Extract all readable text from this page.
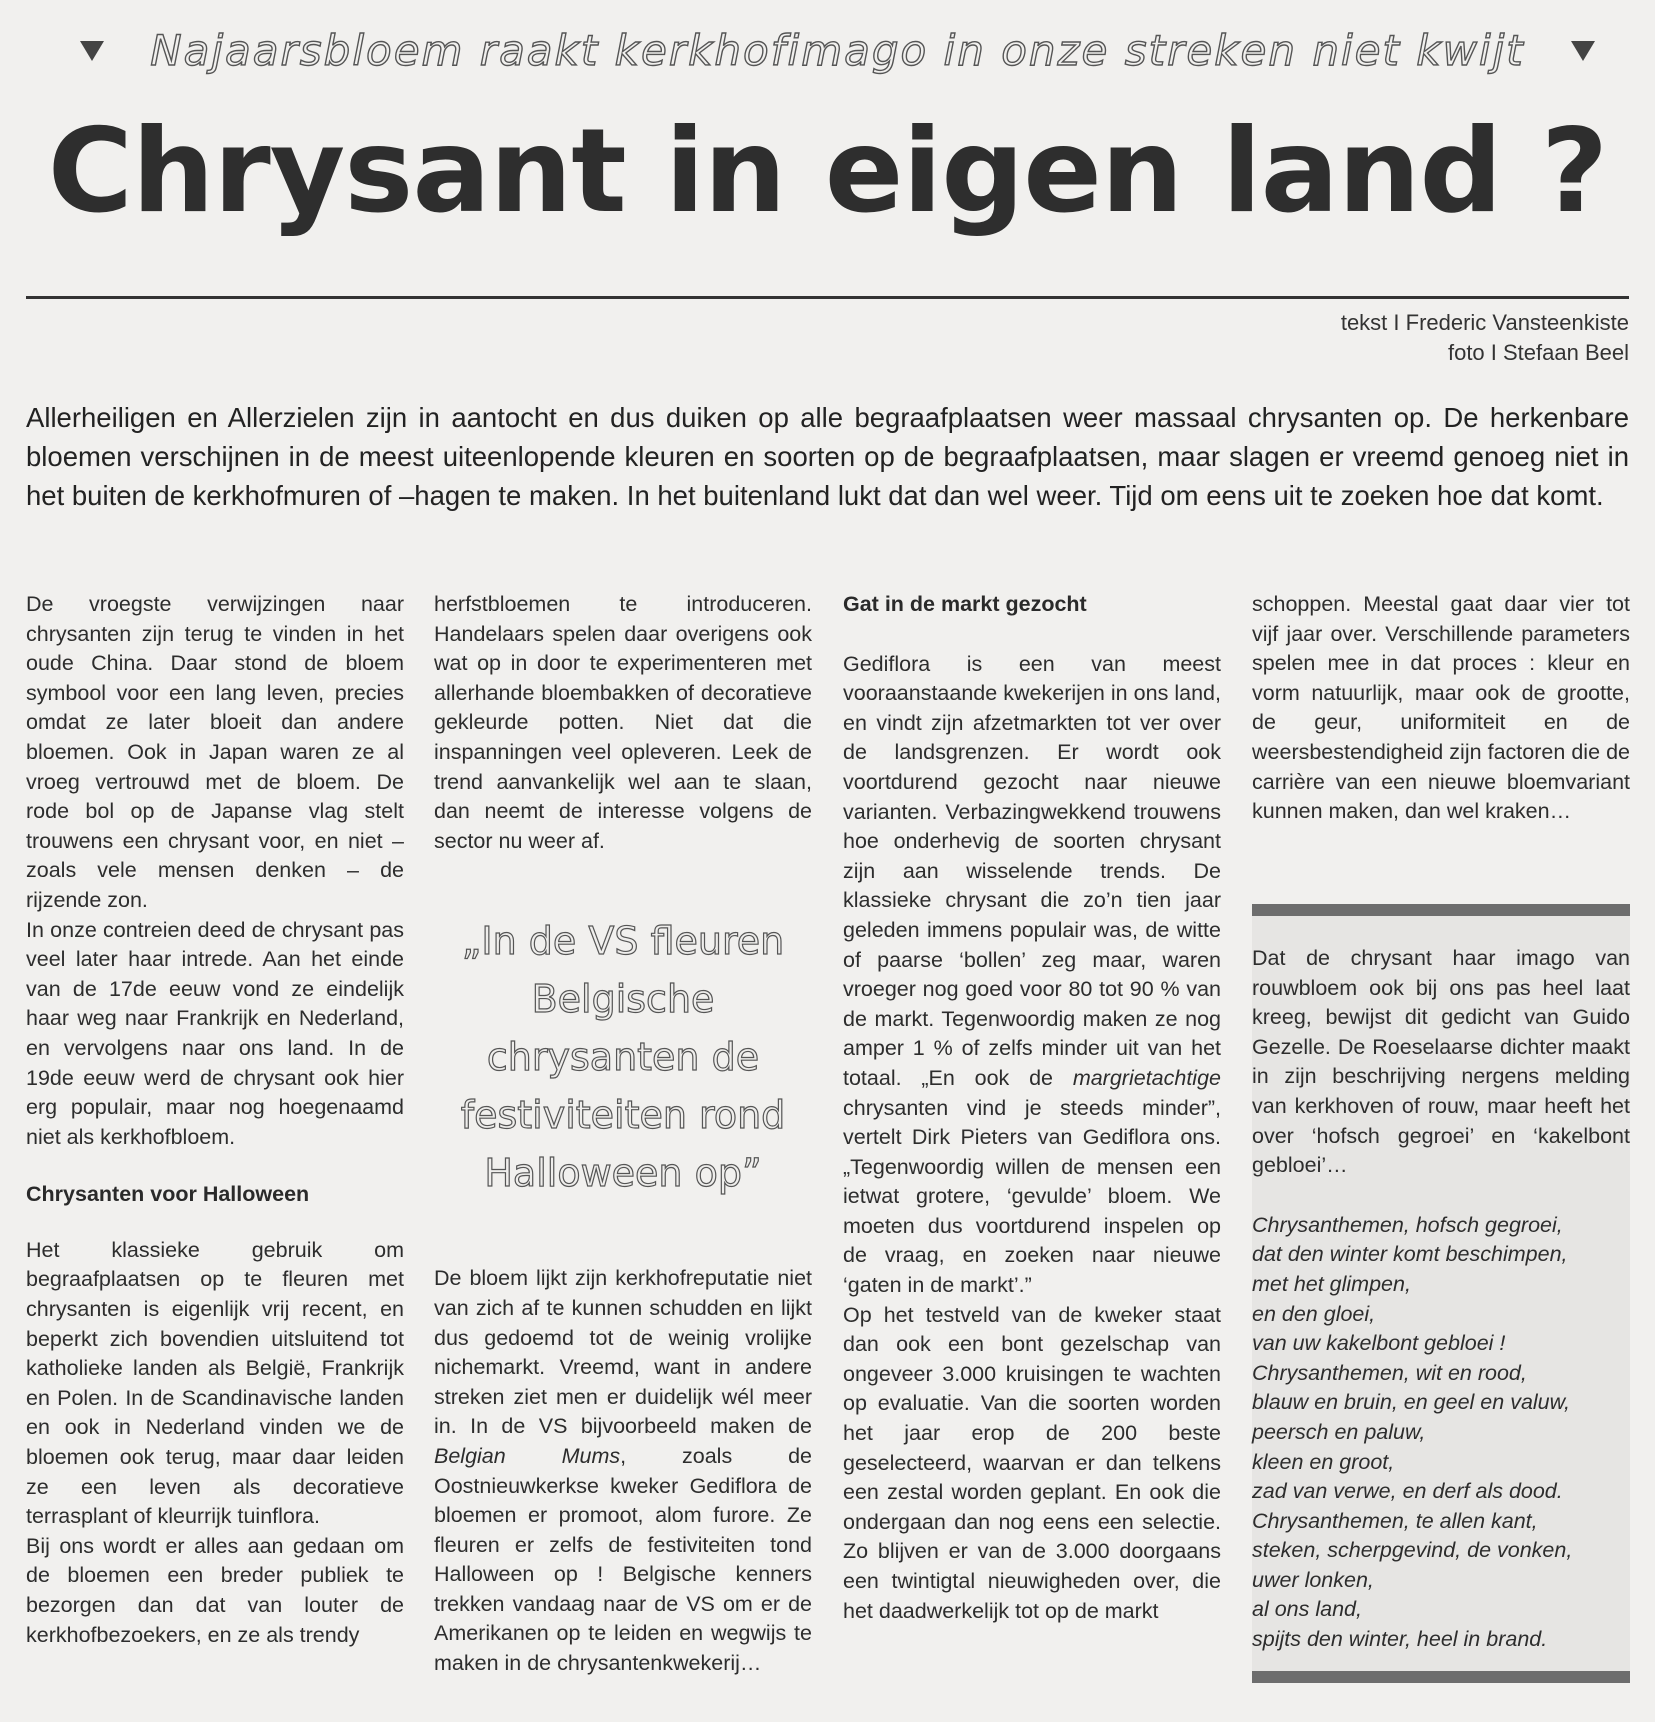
Najaarsbloem raakt kerkhofimago in onze streken niet kwijt
Chrysant in eigen land ?
tekst I Frederic Vansteenkiste
foto I Stefaan Beel

Allerheiligen en Allerzielen zijn in aantocht en dus duiken op alle begraafplaatsen weer massaal chrysanten op. De herkenbare bloemen verschijnen in de meest uiteenlopende kleuren en soorten op de begraafplaatsen, maar slagen er vreemd genoeg niet in het buiten de kerkhofmuren of –hagen te maken. In het buitenland lukt dat dan wel weer. Tijd om eens uit te zoeken hoe dat komt.

De vroegste verwijzingen naar chrysanten zijn terug te vinden in het oude China. Daar stond de bloem symbool voor een lang leven, precies omdat ze later bloeit dan andere bloemen. Ook in Japan waren ze al vroeg vertrouwd met de bloem. De rode bol op de Japanse vlag stelt trouwens een chrysant voor, en niet –zoals vele mensen denken – de rijzende zon.

In onze contreien deed de chrysant pas veel later haar intrede. Aan het einde van de 17de eeuw vond ze eindelijk haar weg naar Frankrijk en Nederland, en vervolgens naar ons land. In de 19de eeuw werd de chrysant ook hier erg populair, maar nog hoegenaamd niet als kerkhofbloem.

Chrysanten voor Halloween

Het klassieke gebruik om begraafplaatsen op te fleuren met chrysanten is eigenlijk vrij recent, en beperkt zich bovendien uitsluitend tot katholieke landen als België, Frankrijk en Polen. In de Scandinavische landen en ook in Nederland vinden we de bloemen ook terug, maar daar leiden ze een leven als decoratieve terrasplant of kleurrijk tuinflora.

Bij ons wordt er alles aan gedaan om de bloemen een breder publiek te bezorgen dan dat van louter de kerkhofbezoekers, en ze als trendy

herfstbloemen te introduceren. Handelaars spelen daar overigens ook wat op in door te experimenteren met allerhande bloembakken of decoratieve gekleurde potten. Niet dat die inspanningen veel opleveren. Leek de trend aanvankelijk wel aan te slaan, dan neemt de interesse volgens de sector nu weer af.

„In de VS fleuren Belgische chrysanten de festiviteiten rond Halloween op”

De bloem lijkt zijn kerkhofreputatie niet van zich af te kunnen schudden en lijkt dus gedoemd tot de weinig vrolijke nichemarkt. Vreemd, want in andere streken ziet men er duidelijk wél meer in. In de VS bijvoorbeeld maken de Belgian Mums, zoals de Oostnieuwkerkse kweker Gediflora de bloemen er promoot, alom furore. Ze fleuren er zelfs de festiviteiten tond Halloween op ! Belgische kenners trekken vandaag naar de VS om er de Amerikanen op te leiden en wegwijs te maken in de chrysantenkwekerij…

Gat in de markt gezocht

Gediflora is een van meest vooraanstaande kwekerijen in ons land, en vindt zijn afzetmarkten tot ver over de landsgrenzen. Er wordt ook voortdurend gezocht naar nieuwe varianten. Verbazingwekkend trouwens hoe onderhevig de soorten chrysant zijn aan wisselende trends. De klassieke chrysant die zo’n tien jaar geleden immens populair was, de witte of paarse ‘bollen’ zeg maar, waren vroeger nog goed voor 80 tot 90 % van de markt. Tegenwoordig maken ze nog amper 1 % of zelfs minder uit van het totaal. „En ook de margrietachtige chrysanten vind je steeds minder”, vertelt Dirk Pieters van Gediflora ons. „Tegenwoordig willen de mensen een ietwat grotere, ‘gevulde’ bloem. We moeten dus voortdurend inspelen op de vraag, en zoeken naar nieuwe ‘gaten in de markt’.”

Op het testveld van de kweker staat dan ook een bont gezelschap van ongeveer 3.000 kruisingen te wachten op evaluatie. Van die soorten worden het jaar erop de 200 beste geselecteerd, waarvan er dan telkens een zestal worden geplant. En ook die ondergaan dan nog eens een selectie. Zo blijven er van de 3.000 doorgaans een twintigtal nieuwigheden over, die het daadwerkelijk tot op de markt

schoppen. Meestal gaat daar vier tot vijf jaar over. Verschillende parameters spelen mee in dat proces : kleur en vorm natuurlijk, maar ook de grootte, de geur, uniformiteit en de weersbestendigheid zijn factoren die de carrière van een nieuwe bloemvariant kunnen maken, dan wel kraken…

Dat de chrysant haar imago van rouwbloem ook bij ons pas heel laat kreeg, bewijst dit gedicht van Guido Gezelle. De Roeselaarse dichter maakt in zijn beschrijving nergens melding van kerkhoven of rouw, maar heeft het over ‘hofsch gegroei’ en ‘kakelbont gebloei’…

Chrysanthemen, hofsch gegroei,
dat den winter komt beschimpen,
met het glimpen,
en den gloei,
van uw kakelbont gebloei !
Chrysanthemen, wit en rood,
blauw en bruin, en geel en valuw,
peersch en paluw,
kleen en groot,
zad van verwe, en derf als dood.
Chrysanthemen, te allen kant,
steken, scherpgevind, de vonken,
uwer lonken,
al ons land,
spijts den winter, heel in brand.
